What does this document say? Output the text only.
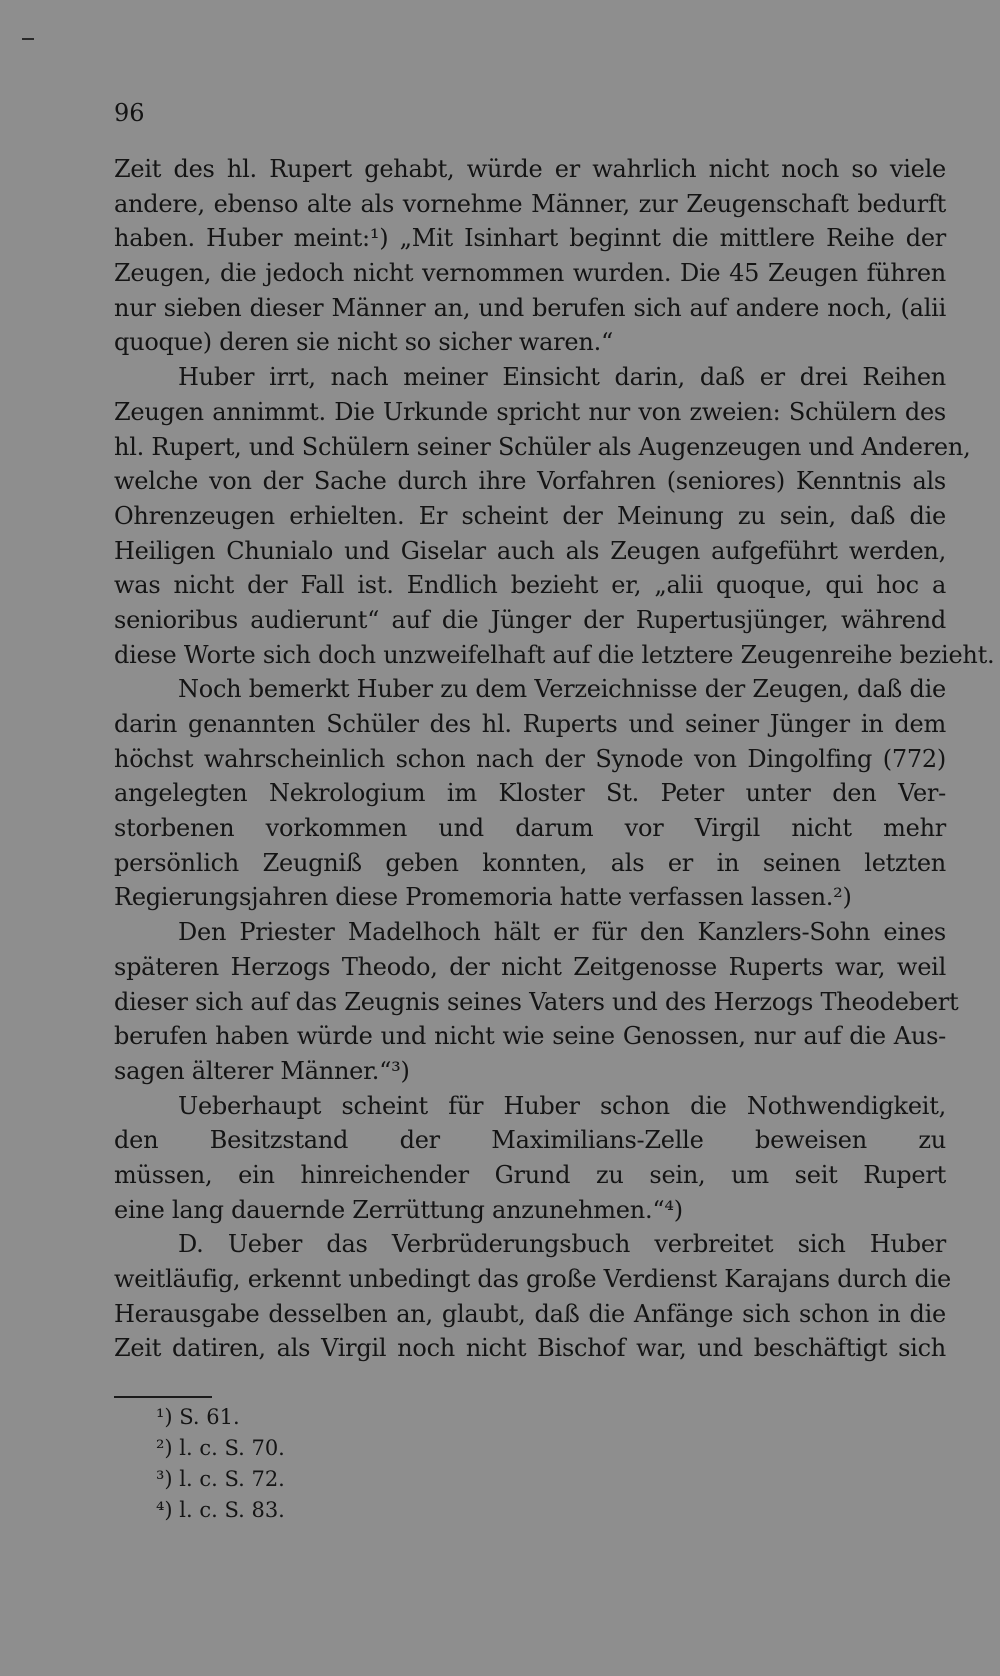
96
Zeit des hl. Rupert gehabt, würde er wahrlich nicht noch so viele
andere, ebenso alte als vornehme Männer, zur Zeugenschaft bedurft
haben. Huber meint:¹) „Mit Isinhart beginnt die mittlere Reihe der
Zeugen, die jedoch nicht vernommen wurden. Die 45 Zeugen führen
nur sieben dieser Männer an, und berufen sich auf andere noch, (alii
quoque) deren sie nicht so sicher waren.“
Huber irrt, nach meiner Einsicht darin, daß er drei Reihen
Zeugen annimmt. Die Urkunde spricht nur von zweien: Schülern des
hl. Rupert, und Schülern seiner Schüler als Augenzeugen und Anderen,
welche von der Sache durch ihre Vorfahren (seniores) Kenntnis als
Ohrenzeugen erhielten. Er scheint der Meinung zu sein, daß die
Heiligen Chunialo und Giselar auch als Zeugen aufgeführt werden,
was nicht der Fall ist. Endlich bezieht er, „alii quoque, qui hoc a
senioribus audierunt“ auf die Jünger der Rupertusjünger, während
diese Worte sich doch unzweifelhaft auf die letztere Zeugenreihe bezieht.
Noch bemerkt Huber zu dem Verzeichnisse der Zeugen, daß die
darin genannten Schüler des hl. Ruperts und seiner Jünger in dem
höchst wahrscheinlich schon nach der Synode von Dingolfing (772)
angelegten Nekrologium im Kloster St. Peter unter den Ver-
storbenen vorkommen und darum vor Virgil nicht mehr
persönlich Zeugniß geben konnten, als er in seinen letzten
Regierungsjahren diese Promemoria hatte verfassen lassen.²)
Den Priester Madelhoch hält er für den Kanzlers-Sohn eines
späteren Herzogs Theodo, der nicht Zeitgenosse Ruperts war, weil
dieser sich auf das Zeugnis seines Vaters und des Herzogs Theodebert
berufen haben würde und nicht wie seine Genossen, nur auf die Aus-
sagen älterer Männer.“³)
Ueberhaupt scheint für Huber schon die Nothwendigkeit,
den Besitzstand der Maximilians-Zelle beweisen zu
müssen, ein hinreichender Grund zu sein, um seit Rupert
eine lang dauernde Zerrüttung anzunehmen.“⁴)
D. Ueber das Verbrüderungsbuch verbreitet sich Huber
weitläufig, erkennt unbedingt das große Verdienst Karajans durch die
Herausgabe desselben an, glaubt, daß die Anfänge sich schon in die
Zeit datiren, als Virgil noch nicht Bischof war, und beschäftigt sich
¹) S. 61.
²) l. c. S. 70.
³) l. c. S. 72.
⁴) l. c. S. 83.
